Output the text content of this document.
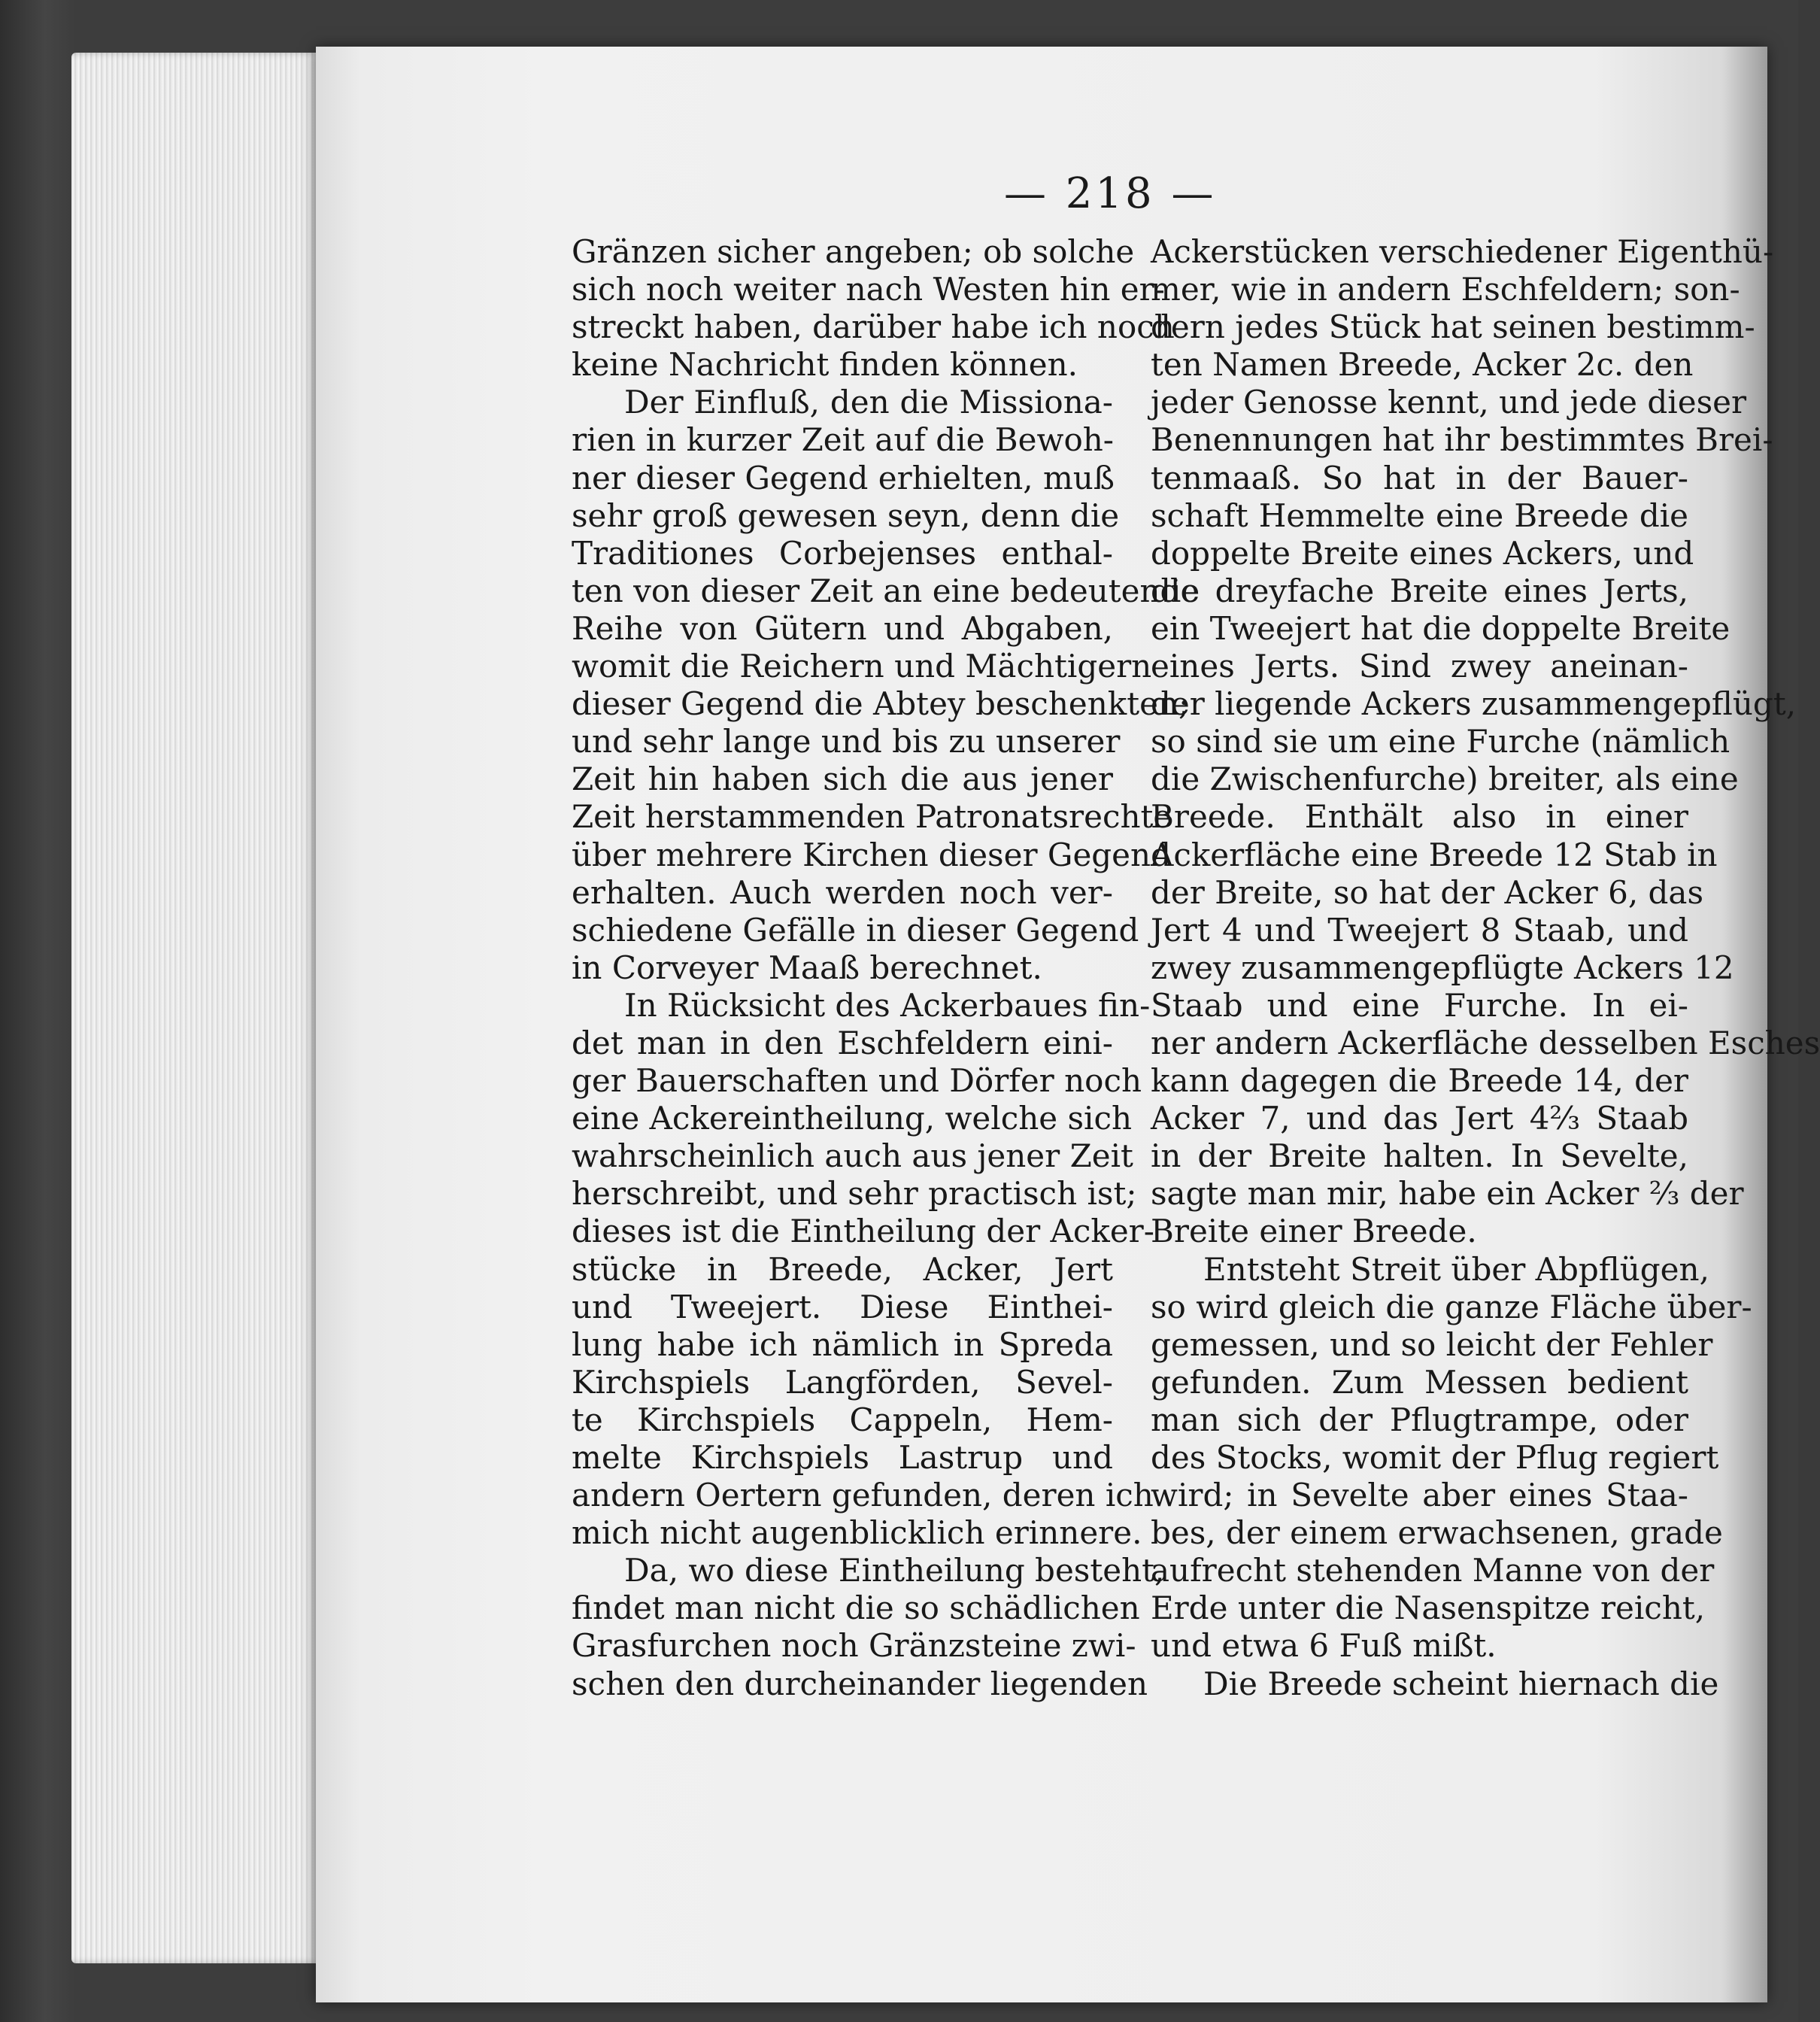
— 218 —
Gränzen sicher angeben; ob solche
sich noch weiter nach Westen hin er-
streckt haben, darüber habe ich noch
keine Nachricht finden können.
Der Einfluß, den die Missiona-
rien in kurzer Zeit auf die Bewoh-
ner dieser Gegend erhielten, muß
sehr groß gewesen seyn, denn die
Traditiones Corbejenses enthal-
ten von dieser Zeit an eine bedeutende
Reihe von Gütern und Abgaben,
womit die Reichern und Mächtigern
dieser Gegend die Abtey beschenkten;
und sehr lange und bis zu unserer
Zeit hin haben sich die aus jener
Zeit herstammenden Patronatsrechte
über mehrere Kirchen dieser Gegend
erhalten. Auch werden noch ver-
schiedene Gefälle in dieser Gegend
in Corveyer Maaß berechnet.
In Rücksicht des Ackerbaues fin-
det man in den Eschfeldern eini-
ger Bauerschaften und Dörfer noch
eine Ackereintheilung, welche sich
wahrscheinlich auch aus jener Zeit
herschreibt, und sehr practisch ist;
dieses ist die Eintheilung der Acker-
stücke in Breede, Acker, Jert
und Tweejert. Diese Einthei-
lung habe ich nämlich in Spreda
Kirchspiels Langförden, Sevel-
te Kirchspiels Cappeln, Hem-
melte Kirchspiels Lastrup und
andern Oertern gefunden, deren ich
mich nicht augenblicklich erinnere.
Da, wo diese Eintheilung besteht,
findet man nicht die so schädlichen
Grasfurchen noch Gränzsteine zwi-
schen den durcheinander liegenden
Ackerstücken verschiedener Eigenthü-
mer, wie in andern Eschfeldern; son-
dern jedes Stück hat seinen bestimm-
ten Namen Breede, Acker 2c. den
jeder Genosse kennt, und jede dieser
Benennungen hat ihr bestimmtes Brei-
tenmaaß. So hat in der Bauer-
schaft Hemmelte eine Breede die
doppelte Breite eines Ackers, und
die dreyfache Breite eines Jerts,
ein Tweejert hat die doppelte Breite
eines Jerts. Sind zwey aneinan-
der liegende Ackers zusammengepflügt,
so sind sie um eine Furche (nämlich
die Zwischenfurche) breiter, als eine
Breede. Enthält also in einer
Ackerfläche eine Breede 12 Stab in
der Breite, so hat der Acker 6, das
Jert 4 und Tweejert 8 Staab, und
zwey zusammengepflügte Ackers 12
Staab und eine Furche. In ei-
ner andern Ackerfläche desselben Esches
kann dagegen die Breede 14, der
Acker 7, und das Jert 4⅔ Staab
in der Breite halten. In Sevelte,
sagte man mir, habe ein Acker ⅔ der
Breite einer Breede.
Entsteht Streit über Abpflügen,
so wird gleich die ganze Fläche über-
gemessen, und so leicht der Fehler
gefunden. Zum Messen bedient
man sich der Pflugtrampe, oder
des Stocks, womit der Pflug regiert
wird; in Sevelte aber eines Staa-
bes, der einem erwachsenen, grade
aufrecht stehenden Manne von der
Erde unter die Nasenspitze reicht,
und etwa 6 Fuß mißt.
Die Breede scheint hiernach die
